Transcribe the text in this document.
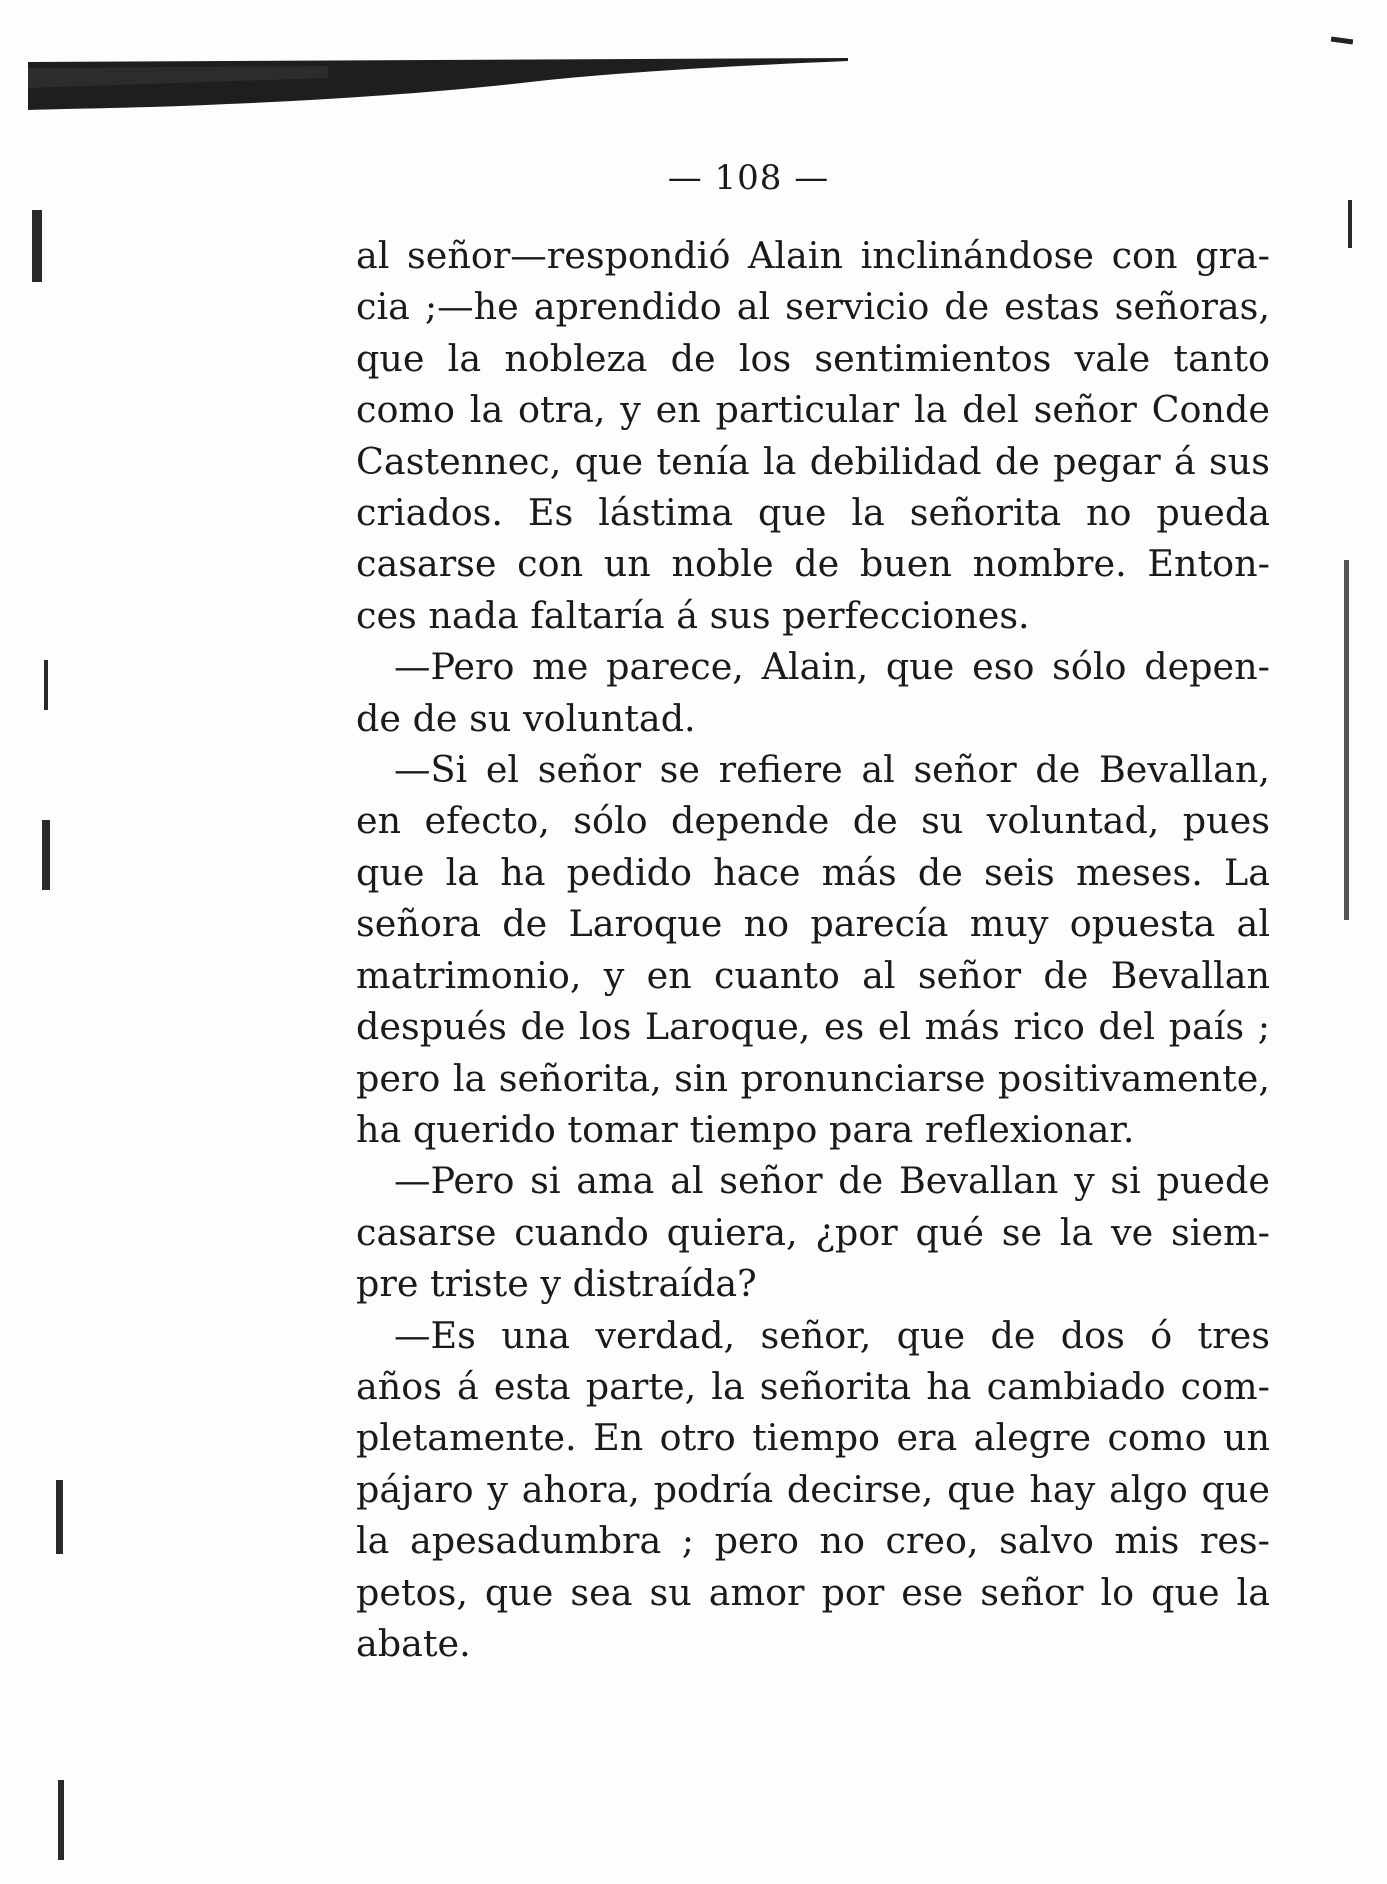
— 108 —
al señor—respondió Alain inclinándose con gra-
cia ;—he aprendido al servicio de estas señoras,
que la nobleza de los sentimientos vale tanto
como la otra, y en particular la del señor Conde
Castennec, que tenía la debilidad de pegar á sus
criados. Es lástima que la señorita no pueda
casarse con un noble de buen nombre. Enton-
ces nada faltaría á sus perfecciones.
—Pero me parece, Alain, que eso sólo depen-
de de su voluntad.
—Si el señor se refiere al señor de Bevallan,
en efecto, sólo depende de su voluntad, pues
que la ha pedido hace más de seis meses. La
señora de Laroque no parecía muy opuesta al
matrimonio, y en cuanto al señor de Bevallan
después de los Laroque, es el más rico del país ;
pero la señorita, sin pronunciarse positivamente,
ha querido tomar tiempo para reflexionar.
—Pero si ama al señor de Bevallan y si puede
casarse cuando quiera, ¿por qué se la ve siem-
pre triste y distraída?
—Es una verdad, señor, que de dos ó tres
años á esta parte, la señorita ha cambiado com-
pletamente. En otro tiempo era alegre como un
pájaro y ahora, podría decirse, que hay algo que
la apesadumbra ; pero no creo, salvo mis res-
petos, que sea su amor por ese señor lo que la
abate.
